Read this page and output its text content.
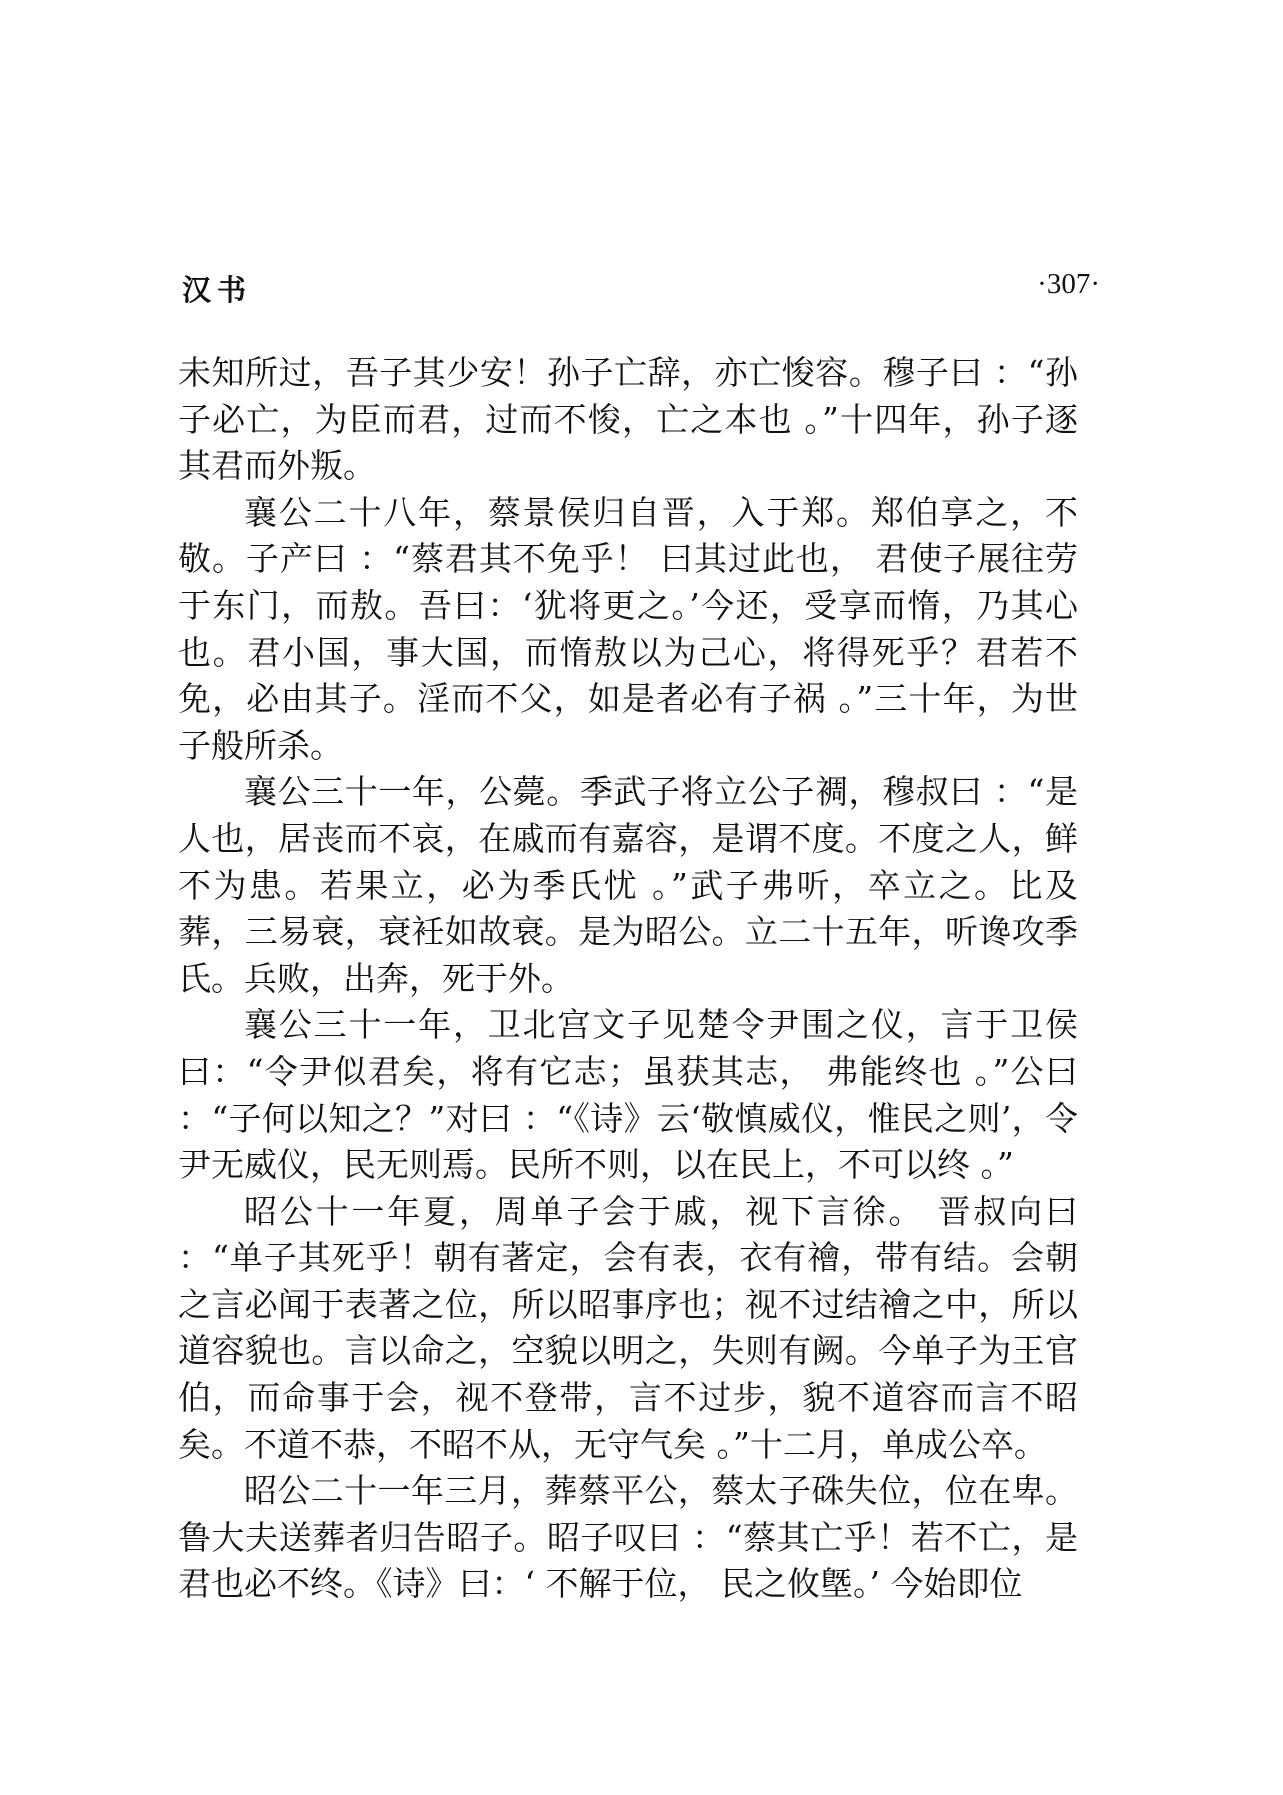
汉书	·307·

未知所过，吾子其少安！孙子亡辞，亦亡悛容。穆子曰 ：“孙子必亡，为臣而君，过而不悛，亡之本也 。”十四年，孙子逐其君而外叛。

襄公二十八年，蔡景侯归自晋，入于郑。郑伯享之，不敬。子产曰 ：“蔡君其不免乎！ 曰其过此也， 君使子展往劳于东门，而敖。吾曰：‘犹将更之。’今还，受享而惰，乃其心也。君小国，事大国，而惰敖以为己心，将得死乎？君若不免，必由其子。淫而不父，如是者必有子祸 。”三十年，为世子般所杀。

襄公三十一年，公薨。季武子将立公子裯，穆叔曰 ：“是人也，居丧而不哀，在戚而有嘉容，是谓不度。不度之人，鲜不为患。若果立，必为季氏忧 。”武子弗听，卒立之。比及葬，三易衰，衰衽如故衰。是为昭公。立二十五年，听谗攻季氏。兵败，出奔，死于外。

襄公三十一年，卫北宫文子见楚令尹围之仪，言于卫侯曰：“令尹似君矣，将有它志；虽获其志， 弗能终也 。”公曰 ：“子何以知之？”对曰 ：“《诗》云‘敬慎威仪，惟民之则’，令尹无威仪，民无则焉。民所不则，以在民上，不可以终 。”

昭公十一年夏，周单子会于戚，视下言徐。 晋叔向曰 ：“单子其死乎！朝有著定，会有表，衣有禬，带有结。会朝之言必闻于表著之位，所以昭事序也；视不过结禬之中，所以道容貌也。言以命之，空貌以明之，失则有阙。今单子为王官伯，而命事于会，视不登带，言不过步，貌不道容而言不昭矣。不道不恭，不昭不从，无守气矣 。”十二月，单成公卒。

昭公二十一年三月，葬蔡平公，蔡太子硃失位，位在卑。鲁大夫送葬者归告昭子。昭子叹曰 ：“蔡其亡乎！若不亡，是君也必不终。《诗》曰：‘ 不解于位， 民之攸墍。’ 今始即位
